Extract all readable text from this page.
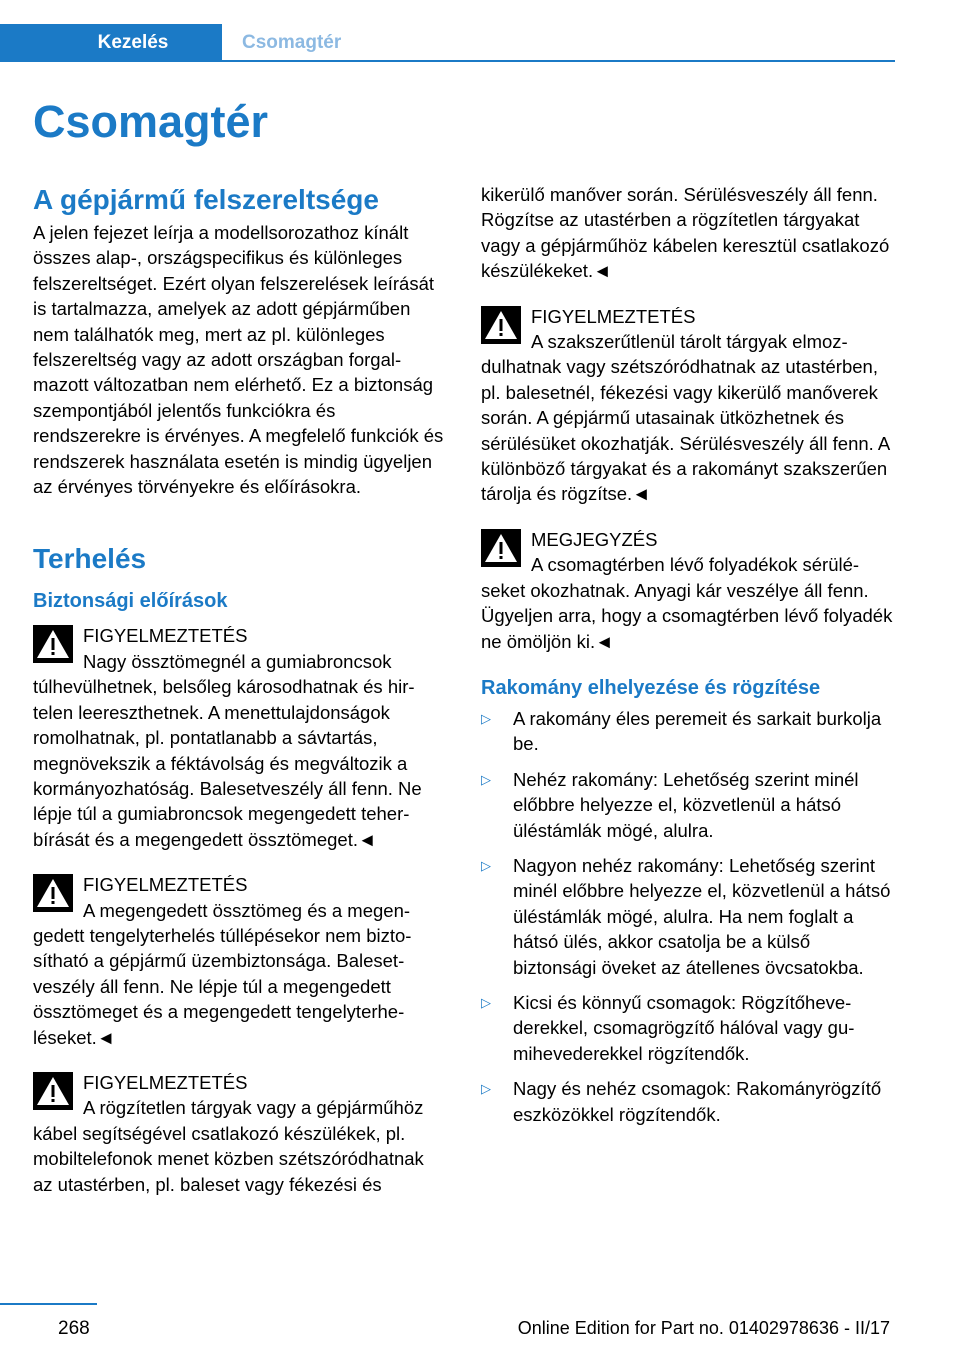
Kezelés	Csomagtér
Csomagtér
A gépjármű felszereltsége

A jelen fejezet leírja a modellsorozathoz kínált összes alap-, országspecifikus és különleges felszereltséget. Ezért olyan felszerelések leírását is tartalmazza, amelyek az adott gépjárműben nem találhatók meg, mert az pl. különleges felszereltség vagy az adott országban forgalmazott változatban nem elérhető. Ez a biztonság szempontjából jelentős funkciókra és rendszerekre is érvényes. A megfelelő funkciók és rendszerek használata esetén is mindig ügyeljen az érvényes törvényekre és előírásokra.

Terhelés
Biztonsági előírások
FIGYELMEZTETÉS

Nagy össztömegnél a gumiabroncsok túlhevülhetnek, belsőleg károsodhatnak és hirtelen leereszthetnek. A menettulajdonságok romolhatnak, pl. pontatlanabb a sávtartás, megnövekszik a féktávolság és megváltozik a kormányozhatóság. Balesetveszély áll fenn. Ne lépje túl a gumiabroncsok megengedett teherbírását és a megengedett össztömeget.◄

FIGYELMEZTETÉS

A megengedett össztömeg és a megengedett tengelyterhelés túllépésekor nem biztosítható a gépjármű üzembiztonsága. Balesetveszély áll fenn. Ne lépje túl a megengedett össztömeget és a megengedett tengelyterheléseket.◄

FIGYELMEZTETÉS

A rögzítetlen tárgyak vagy a gépjárműhöz kábel segítségével csatlakozó készülékek, pl. mobiltelefonok menet közben szétszóródhatnak az utastérben, pl. baleset vagy fékezési és

kikerülő manőver során. Sérülésveszély áll fenn. Rögzítse az utastérben a rögzítetlen tárgyakat vagy a gépjárműhöz kábelen keresztül csatlakozó készülékeket.◄

FIGYELMEZTETÉS

A szakszerűtlenül tárolt tárgyak elmozdulhatnak vagy szétszóródhatnak az utastérben, pl. balesetnél, fékezési vagy kikerülő manőverek során. A gépjármű utasainak ütközhetnek és sérülésüket okozhatják. Sérülésveszély áll fenn. A különböző tárgyakat és a rakományt szakszerűen tárolja és rögzítse.◄

MEGJEGYZÉS

A csomagtérben lévő folyadékok sérüléseket okozhatnak. Anyagi kár veszélye áll fenn. Ügyeljen arra, hogy a csomagtérben lévő folyadék ne ömöljön ki.◄

Rakomány elhelyezése és rögzítése
▷ A rakomány éles peremeit és sarkait burkolja be.
▷ Nehéz rakomány: Lehetőség szerint minél előbbre helyezze el, közvetlenül a hátsó üléstámlák mögé, alulra.
▷ Nagyon nehéz rakomány: Lehetőség szerint minél előbbre helyezze el, közvetlenül a hátsó üléstámlák mögé, alulra. Ha nem foglalt a hátsó ülés, akkor csatolja be a külső biztonsági öveket az átellenes övcsatokba.
▷ Kicsi és könnyű csomagok: Rögzítőhevederekkel, csomagrögzítő hálóval vagy gumihevederekkel rögzítendők.
▷ Nagy és nehéz csomagok: Rakományrögzítő eszközökkel rögzítendők.
268	Online Edition for Part no. 01402978636 - II/17
